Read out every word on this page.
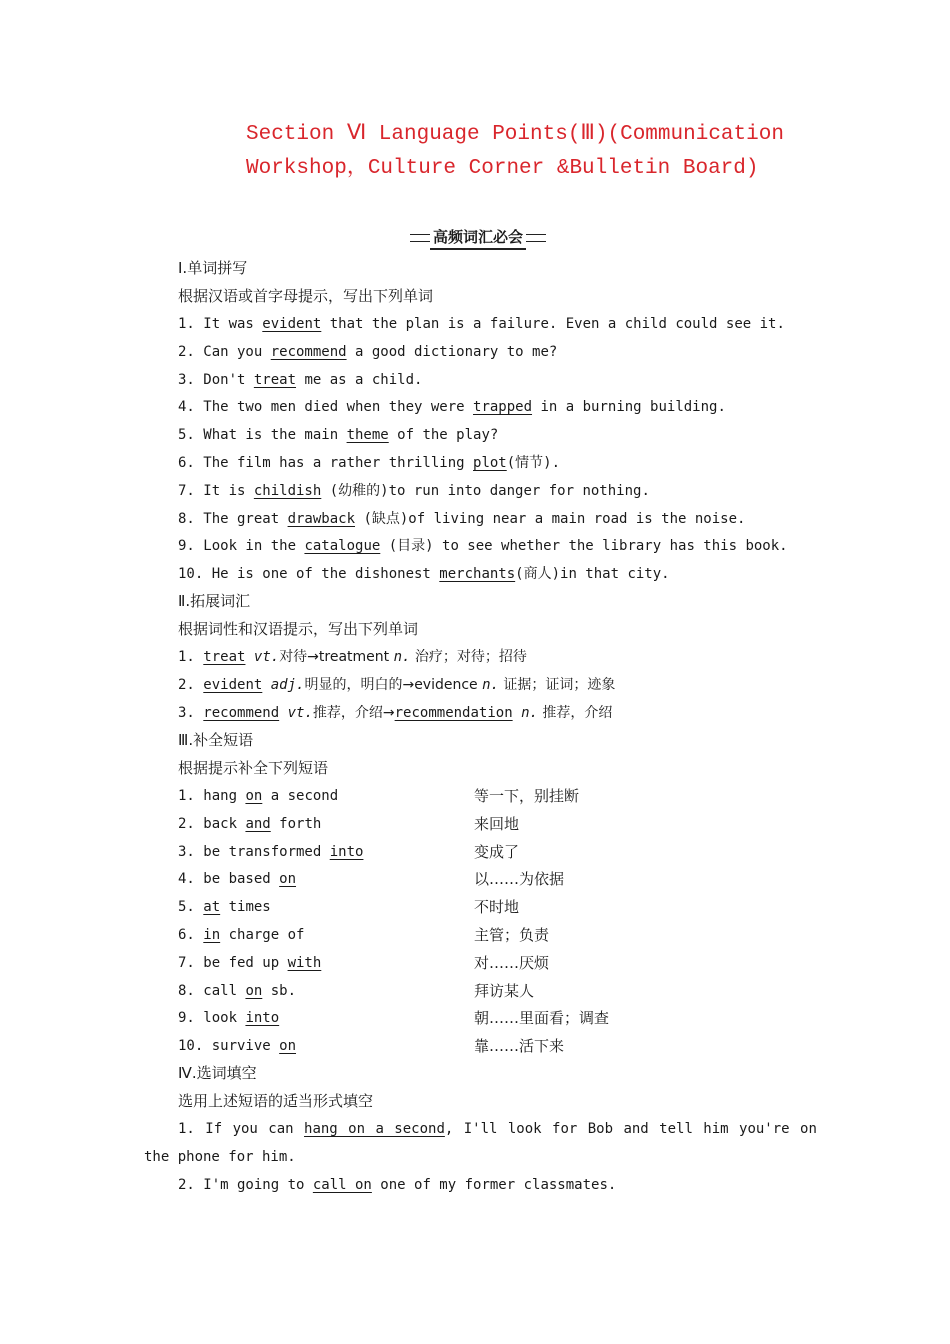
Section Ⅵ Language Points(Ⅲ)(Communication
Workshop，Culture Corner &Bulletin Board)
高频词汇必会
Ⅰ.单词拼写
根据汉语或首字母提示，写出下列单词
1. It was evident that the plan is a failure. Even a child could see it.
2. Can you recommend a good dictionary to me?
3. Don't treat me as a child.
4. The two men died when they were trapped in a burning building.
5. What is the main theme of the play?
6. The film has a rather thrilling plot(情节).
7. It is childish (幼稚的)to run into danger for nothing.
8. The great drawback (缺点)of living near a main road is the noise.
9. Look in the catalogue (目录) to see whether the library has this book.
10. He is one of the dishonest merchants(商人)in that city.
Ⅱ.拓展词汇
根据词性和汉语提示，写出下列单词
1. treat vt.对待→treatment n. 治疗；对待；招待
2. evident adj.明显的，明白的→evidence n. 证据；证词；迹象
3. recommend vt.推荐，介绍→recommendation n. 推荐，介绍
Ⅲ.补全短语
根据提示补全下列短语
1. hang on a second	等一下，别挂断
2. back and forth	来回地
3. be transformed into	变成了
4. be based on	以……为依据
5. at times	不时地
6. in charge of	主管；负责
7. be fed up with	对……厌烦
8. call on sb.	拜访某人
9. look into	朝……里面看；调查
10. survive on	靠……活下来
Ⅳ.选词填空
选用上述短语的适当形式填空
1. If you can hang on a second, I'll look for Bob and tell him you're on
the phone for him.
2. I'm going to call on one of my former classmates.
